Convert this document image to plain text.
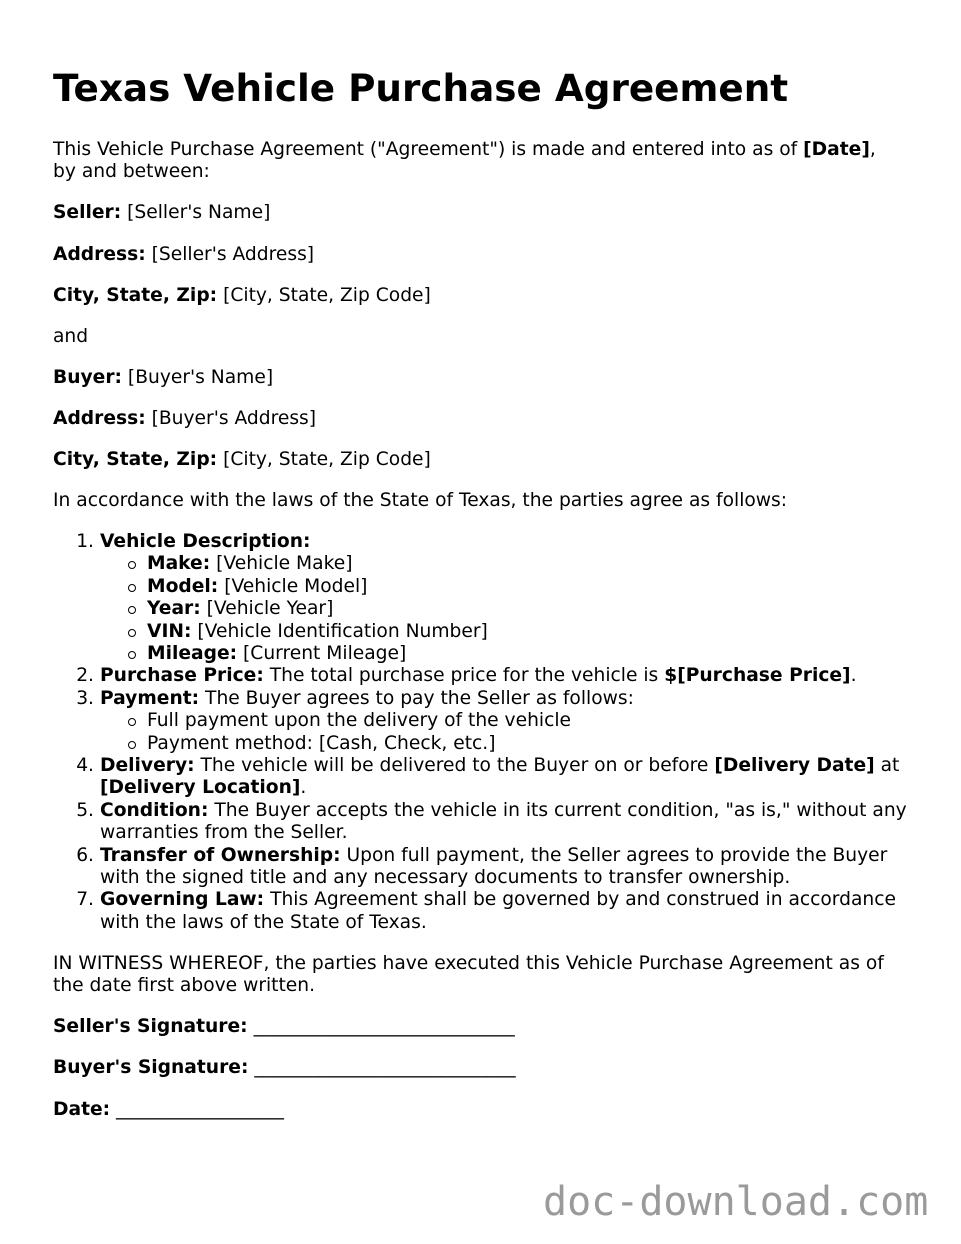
Texas Vehicle Purchase Agreement

This Vehicle Purchase Agreement ("Agreement") is made and entered into as of [Date],
by and between:

Seller: [Seller's Name]

Address: [Seller's Address]

City, State, Zip: [City, State, Zip Code]

and

Buyer: [Buyer's Name]

Address: [Buyer's Address]

City, State, Zip: [City, State, Zip Code]

In accordance with the laws of the State of Texas, the parties agree as follows:

1. Vehicle Description:
Make: [Vehicle Make]
Model: [Vehicle Model]
Year: [Vehicle Year]
VIN: [Vehicle Identification Number]
Mileage: [Current Mileage]
2. Purchase Price: The total purchase price for the vehicle is $[Purchase Price].
3. Payment: The Buyer agrees to pay the Seller as follows:
Full payment upon the delivery of the vehicle
Payment method: [Cash, Check, etc.]
4. Delivery: The vehicle will be delivered to the Buyer on or before [Delivery Date] at
[Delivery Location].
5. Condition: The Buyer accepts the vehicle in its current condition, "as is," without any
warranties from the Seller.
6. Transfer of Ownership: Upon full payment, the Seller agrees to provide the Buyer
with the signed title and any necessary documents to transfer ownership.
7. Governing Law: This Agreement shall be governed by and construed in accordance
with the laws of the State of Texas.

IN WITNESS WHEREOF, the parties have executed this Vehicle Purchase Agreement as of
the date first above written.

Seller's Signature: ____________________________

Buyer's Signature: ____________________________

Date: __________________

doc-download.com
